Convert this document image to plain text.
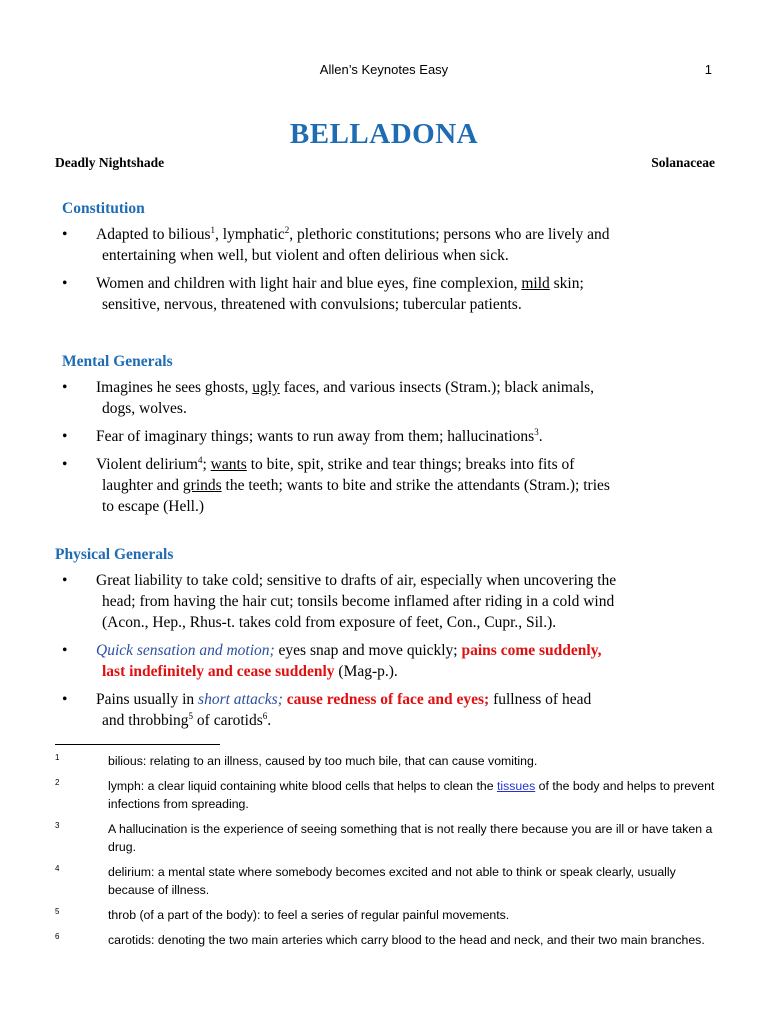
Allen’s Keynotes Easy	1
BELLADONA
Deadly Nightshade	Solanaceae
Constitution
• Adapted to bilious$^1$, lymphatic$^2$, plethoric constitutions; persons who are lively and
entertaining when well, but violent and often delirious when sick.
• Women and children with light hair and blue eyes, fine complexion, mild skin;
sensitive, nervous, threatened with convulsions; tubercular patients.
Mental Generals
• Imagines he sees ghosts, ugly faces, and various insects (Stram.); black animals,
dogs, wolves.
• Fear of imaginary things; wants to run away from them; hallucinations$^3$.
• Violent delirium$^4$; wants to bite, spit, strike and tear things; breaks into fits of
laughter and grinds the teeth; wants to bite and strike the attendants (Stram.); tries
to escape (Hell.)
Physical Generals
• Great liability to take cold; sensitive to drafts of air, especially when uncovering the
head; from having the hair cut; tonsils become inflamed after riding in a cold wind
(Acon., Hep., Rhus-t. takes cold from exposure of feet, Con., Cupr., Sil.).
• Quick sensation and motion; eyes snap and move quickly; pains come suddenly,
last indefinitely and cease suddenly (Mag-p.).
• Pains usually in short attacks; cause redness of face and eyes; fullness of head
and throbbing$^5$ of carotids$^6$.
1	bilious: relating to an illness, caused by too much bile, that can cause vomiting.
2	lymph: a clear liquid containing white blood cells that helps to clean the tissues of the body and helps to prevent infections from spreading.
3	A hallucination is the experience of seeing something that is not really there because you are ill or have taken a drug.
4	delirium: a mental state where somebody becomes excited and not able to think or speak clearly, usually because of illness.
5	throb (of a part of the body): to feel a series of regular painful movements.
6	carotids: denoting the two main arteries which carry blood to the head and neck, and their two main branches.
